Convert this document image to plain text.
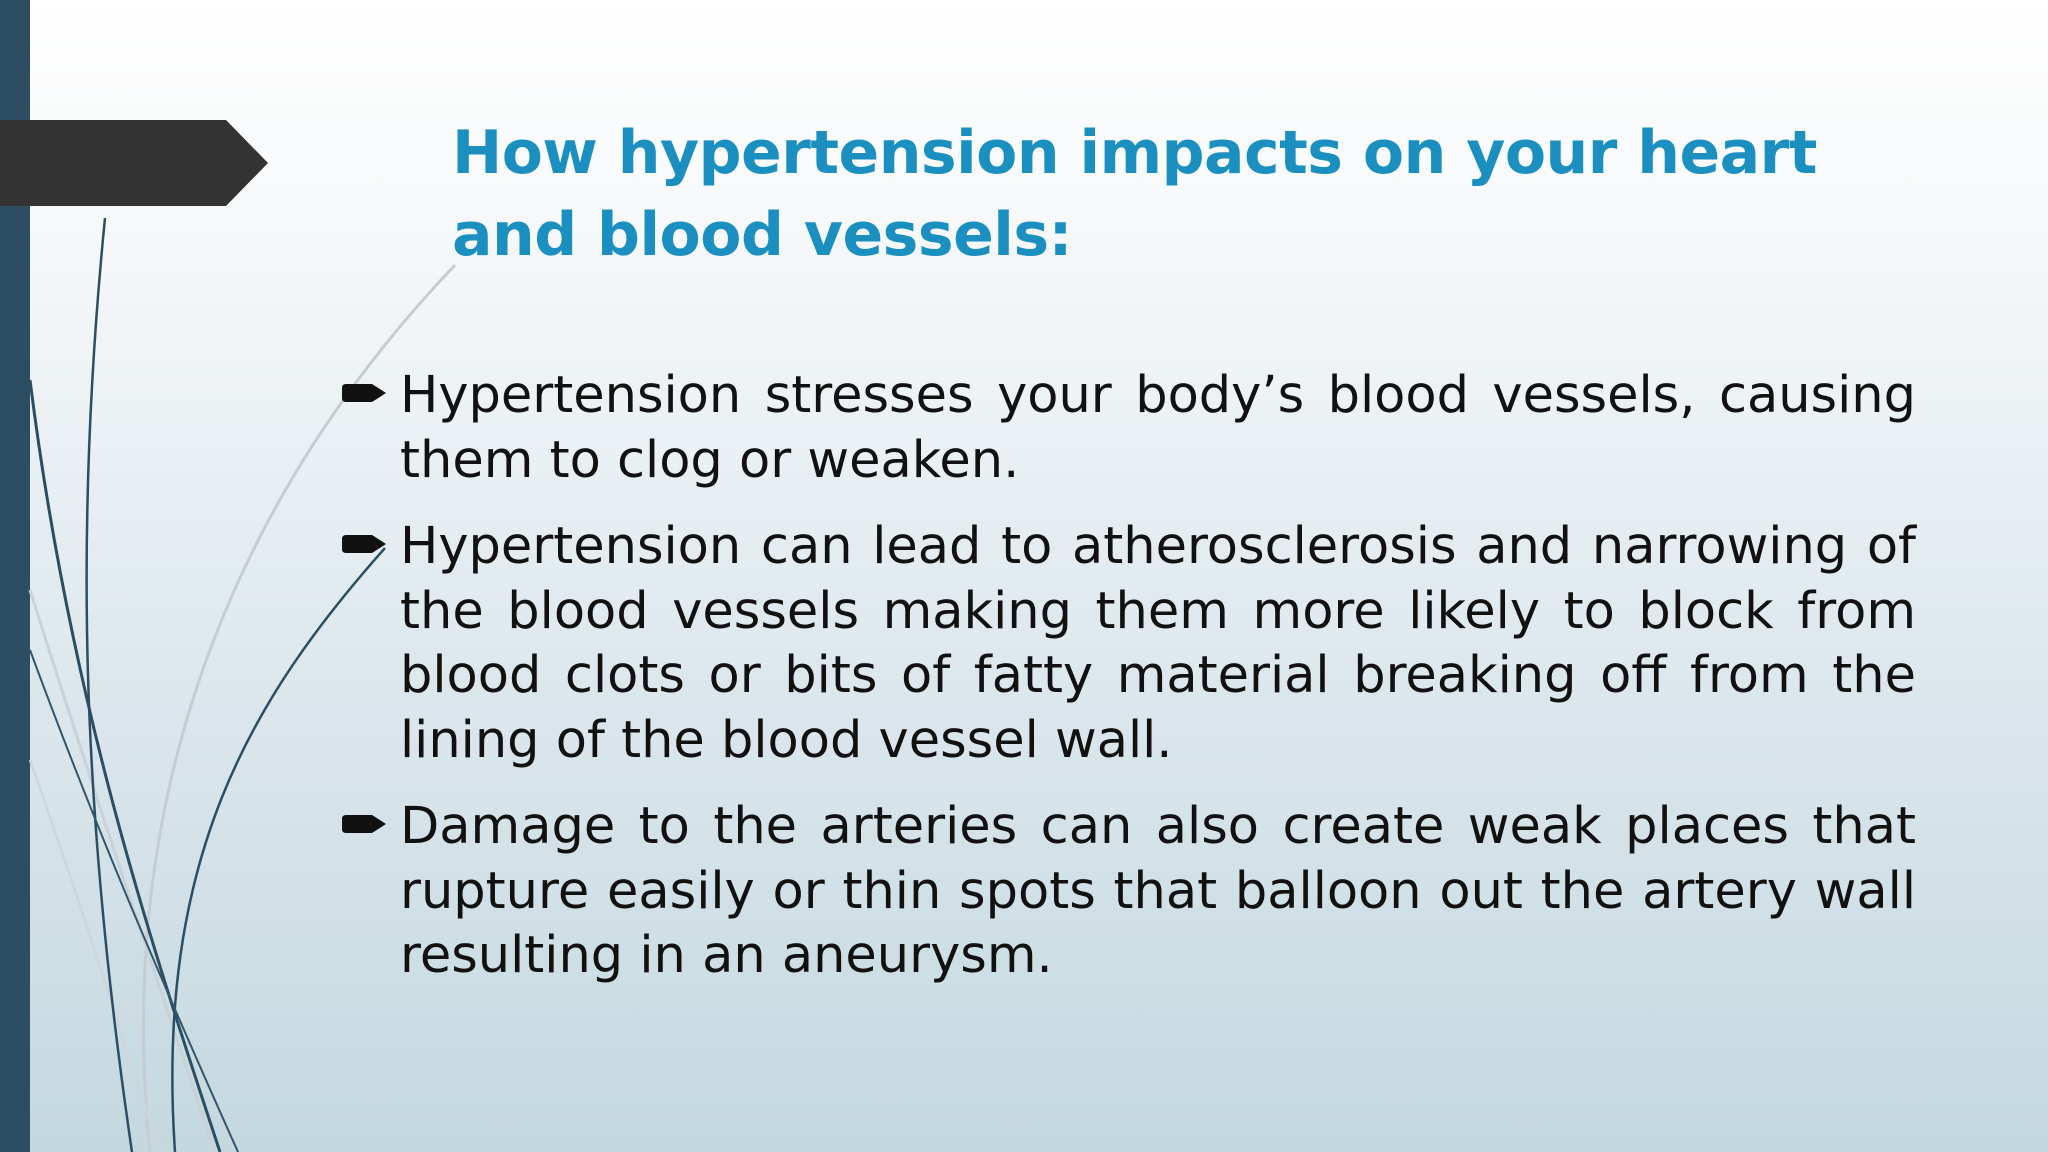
How hypertension impacts on your heart and blood vessels:
Hypertension stresses your body’s blood vessels, causing them to clog or weaken.
Hypertension can lead to atherosclerosis and narrowing of the blood vessels making them more likely to block from blood clots or bits of fatty material breaking off from the lining of the blood vessel wall.
Damage to the arteries can also create weak places that rupture easily or thin spots that balloon out the artery wall resulting in an aneurysm.
